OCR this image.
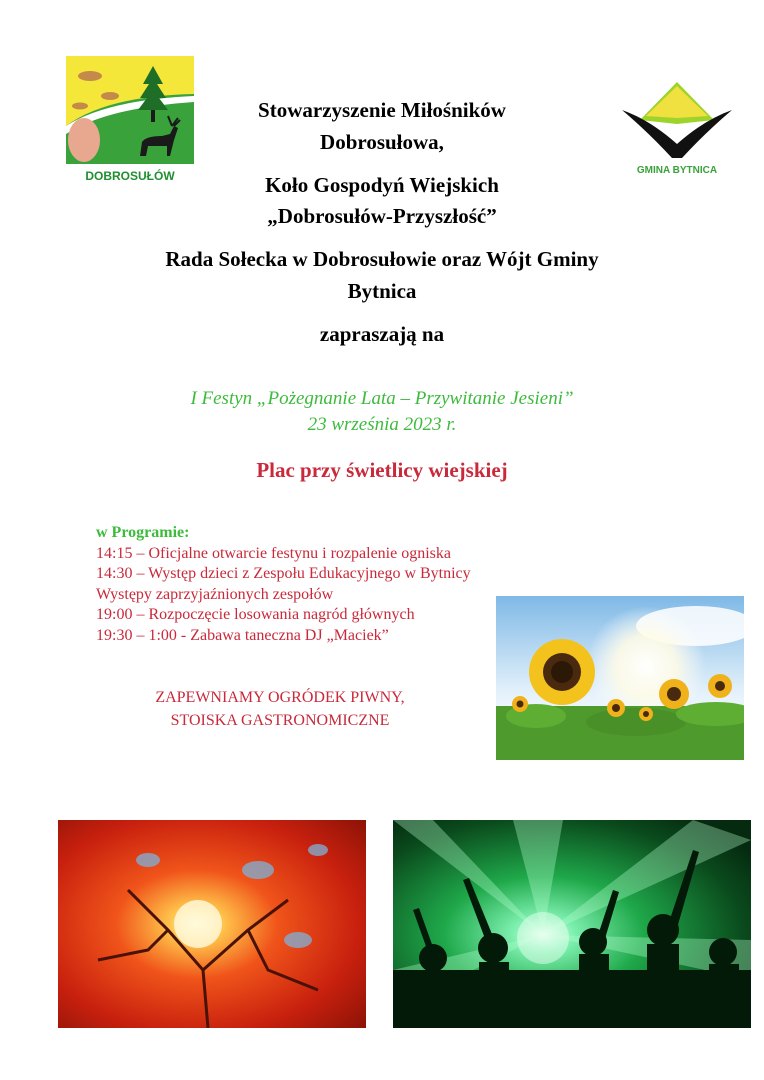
DOBROSUŁÓW	GMINA BYTNICA
Stowarzyszenie Miłośników
Dobrosułowa,
Koło Gospodyń Wiejskich
„Dobrosułów-Przyszłość”
Rada Sołecka w Dobrosułowie oraz Wójt Gminy
Bytnica
zapraszają na
I Festyn „Pożegnanie Lata – Przywitanie Jesieni”
23 września 2023 r.
Plac przy świetlicy wiejskiej
w Programie:
14:15 – Oficjalne otwarcie festynu i rozpalenie ogniska
14:30 – Występ dzieci z Zespołu Edukacyjnego w Bytnicy
Występy zaprzyjaźnionych zespołów
19:00 – Rozpoczęcie losowania nagród głównych
19:30 – 1:00 - Zabawa taneczna DJ „Maciek”
ZAPEWNIAMY OGRÓDEK PIWNY,
STOISKA GASTRONOMICZNE
